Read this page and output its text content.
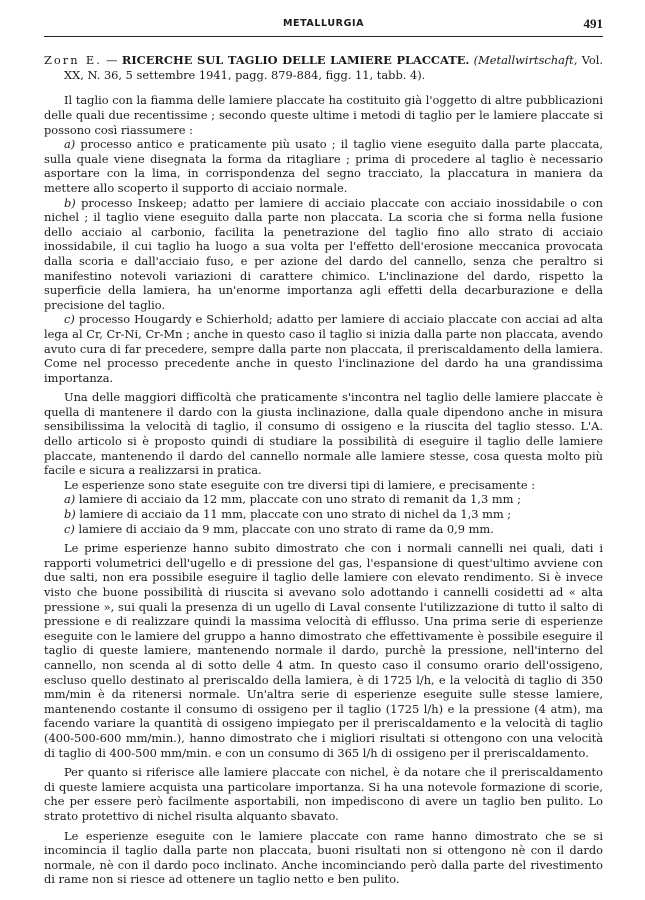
METALLURGIA	491
Zorn E. — RICERCHE SUL TAGLIO DELLE LAMIERE PLACCATE. (Metallwirtschaft, Vol. XX, N. 36, 5 settembre 1941, pagg. 879-884, figg. 11, tabb. 4).

Il taglio con la fiamma delle lamiere placcate ha costituito già l'oggetto di altre pubblicazioni delle quali due recentissime ; secondo queste ultime i metodi di taglio per le lamiere placcate si possono così riassumere :

a) processo antico e praticamente più usato ; il taglio viene eseguito dalla parte placcata, sulla quale viene disegnata la forma da ritagliare ; prima di procedere al taglio è necessario asportare con la lima, in corrispondenza del segno tracciato, la placcatura in maniera da mettere allo scoperto il supporto di acciaio normale.

b) processo Inskeep; adatto per lamiere di acciaio placcate con acciaio inossidabile o con nichel ; il taglio viene eseguito dalla parte non placcata. La scoria che si forma nella fusione dello acciaio al carbonio, facilita la penetrazione del taglio fino allo strato di acciaio inossidabile, il cui taglio ha luogo a sua volta per l'effetto dell'erosione meccanica provocata dalla scoria e dall'acciaio fuso, e per azione del dardo del cannello, senza che peraltro si manifestino notevoli variazioni di carattere chimico. L'inclinazione del dardo, rispetto la superficie della lamiera, ha un'enorme importanza agli effetti della decarburazione e della precisione del taglio.

c) processo Hougardy e Schierhold; adatto per lamiere di acciaio placcate con acciai ad alta lega al Cr, Cr-Ni, Cr-Mn ; anche in questo caso il taglio si inizia dalla parte non placcata, avendo avuto cura di far precedere, sempre dalla parte non placcata, il preriscaldamento della lamiera. Come nel processo precedente anche in questo l'inclinazione del dardo ha una grandissima importanza.

Una delle maggiori difficoltà che praticamente s'incontra nel taglio delle lamiere placcate è quella di mantenere il dardo con la giusta inclinazione, dalla quale dipendono anche in misura sensibilissima la velocità di taglio, il consumo di ossigeno e la riuscita del taglio stesso. L'A. dello articolo si è proposto quindi di studiare la possibilità di eseguire il taglio delle lamiere placcate, mantenendo il dardo del cannello normale alle lamiere stesse, cosa questa molto più facile e sicura a realizzarsi in pratica.

Le esperienze sono state eseguite con tre diversi tipi di lamiere, e precisamente :

a) lamiere di acciaio da 12 mm, placcate con uno strato di remanit da 1,3 mm ;

b) lamiere di acciaio da 11 mm, placcate con uno strato di nichel da 1,3 mm ;

c) lamiere di acciaio da 9 mm, placcate con uno strato di rame da 0,9 mm.

Le prime esperienze hanno subito dimostrato che con i normali cannelli nei quali, dati i rapporti volumetrici dell'ugello e di pressione del gas, l'espansione di quest'ultimo avviene con due salti, non era possibile eseguire il taglio delle lamiere con elevato rendimento. Si è invece visto che buone possibilità di riuscita si avevano solo adottando i cannelli cosidetti ad « alta pressione », sui quali la presenza di un ugello di Laval consente l'utilizzazione di tutto il salto di pressione e di realizzare quindi la massima velocità di efflusso. Una prima serie di esperienze eseguite con le lamiere del gruppo a hanno dimostrato che effettivamente è possibile eseguire il taglio di queste lamiere, mantenendo normale il dardo, purchè la pressione, nell'interno del cannello, non scenda al di sotto delle 4 atm. In questo caso il consumo orario dell'ossigeno, escluso quello destinato al preriscaldo della lamiera, è di 1725 l/h, e la velocità di taglio di 350 mm/min è da ritenersi normale. Un'altra serie di esperienze eseguite sulle stesse lamiere, mantenendo costante il consumo di ossigeno per il taglio (1725 l/h) e la pressione (4 atm), ma facendo variare la quantità di ossigeno impiegato per il preriscaldamento e la velocità di taglio (400-500-600 mm/min.), hanno dimostrato che i migliori risultati si ottengono con una velocità di taglio di 400-500 mm/min. e con un consumo di 365 l/h di ossigeno per il preriscaldamento.

Per quanto si riferisce alle lamiere placcate con nichel, è da notare che il preriscaldamento di queste lamiere acquista una particolare importanza. Si ha una notevole formazione di scorie, che per essere però facilmente asportabili, non impediscono di avere un taglio ben pulito. Lo strato protettivo di nichel risulta alquanto sbavato.

Le esperienze eseguite con le lamiere placcate con rame hanno dimostrato che se si incomincia il taglio dalla parte non placcata, buoni risultati non si ottengono nè con il dardo normale, nè con il dardo poco inclinato. Anche incominciando però dalla parte del rivestimento di rame non si riesce ad ottenere un taglio netto e ben pulito.
